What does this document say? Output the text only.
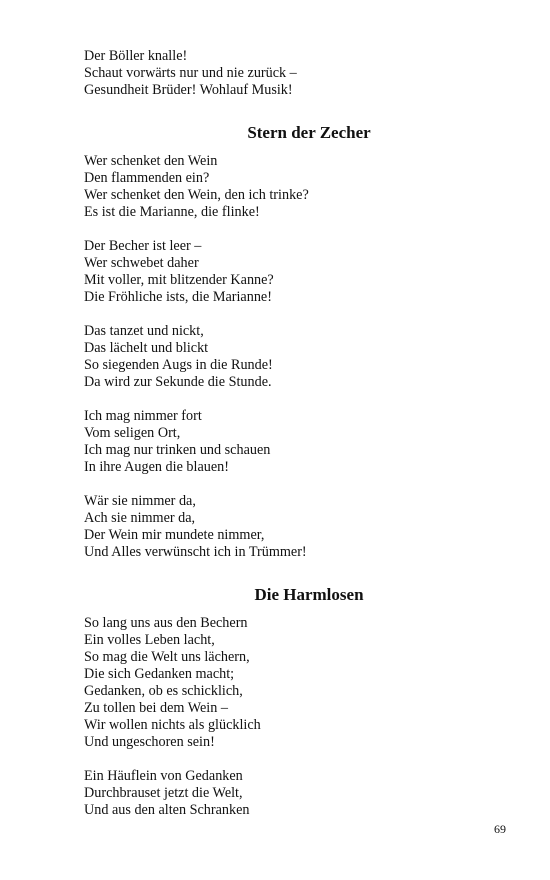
Der Böller knalle!
Schaut vorwärts nur und nie zurück –
Gesundheit Brüder! Wohlauf Musik!
Stern der Zecher
Wer schenket den Wein
Den flammenden ein?
Wer schenket den Wein, den ich trinke?
Es ist die Marianne, die flinke!
Der Becher ist leer –
Wer schwebet daher
Mit voller, mit blitzender Kanne?
Die Fröhliche ists, die Marianne!
Das tanzet und nickt,
Das lächelt und blickt
So siegenden Augs in die Runde!
Da wird zur Sekunde die Stunde.
Ich mag nimmer fort
Vom seligen Ort,
Ich mag nur trinken und schauen
In ihre Augen die blauen!
Wär sie nimmer da,
Ach sie nimmer da,
Der Wein mir mundete nimmer,
Und Alles verwünscht ich in Trümmer!
Die Harmlosen
So lang uns aus den Bechern
Ein volles Leben lacht,
So mag die Welt uns lächern,
Die sich Gedanken macht;
Gedanken, ob es schicklich,
Zu tollen bei dem Wein –
Wir wollen nichts als glücklich
Und ungeschoren sein!
Ein Häuflein von Gedanken
Durchbrauset jetzt die Welt,
Und aus den alten Schranken
69
